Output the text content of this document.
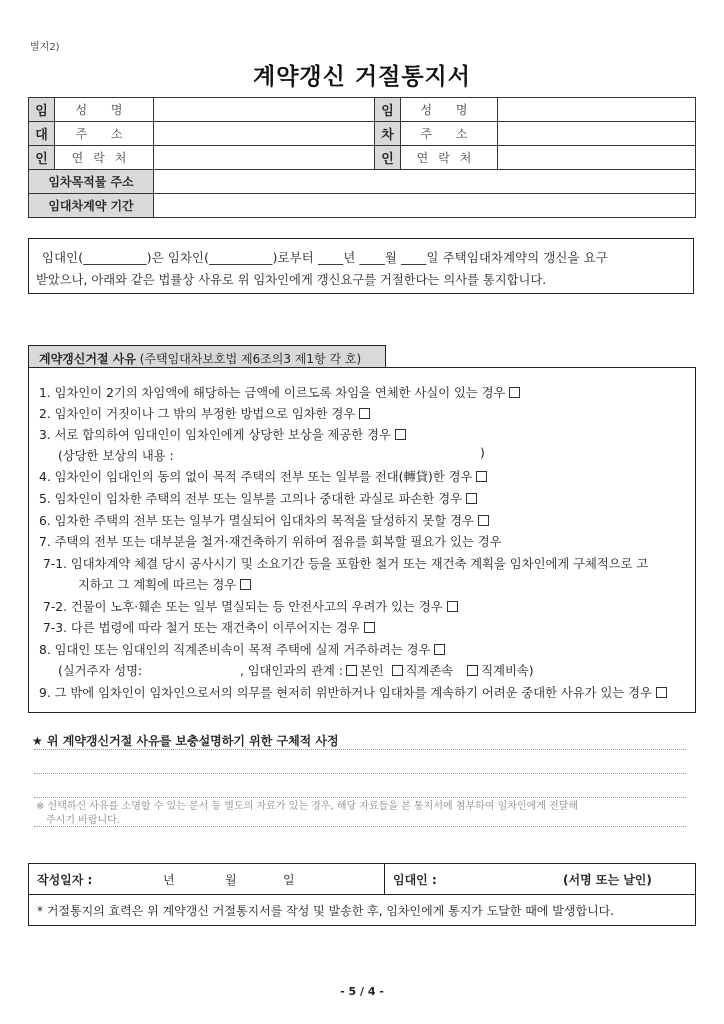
별지2)
계약갱신 거절통지서
임	성 명		임	성 명	
대	주 소		차	주 소	
인	연락처		인	연락처	
임차목적물 주소					
임대차계약 기간					
임대인(__________)은 임차인(__________)로부터 ____년 ____월 ____일 주택임대차계약의 갱신을 요구
받았으나, 아래와 같은 법률상 사유로 위 임차인에게 갱신요구를 거절한다는 의사를 통지합니다.
계약갱신거절 사유 (주택임대차보호법 제6조의3 제1항 각 호)
1. 임차인이 2기의 차임액에 해당하는 금액에 이르도록 차임을 연체한 사실이 있는 경우
2. 임차인이 거짓이나 그 밖의 부정한 방법으로 임차한 경우
3. 서로 합의하여 임대인이 임차인에게 상당한 보상을 제공한 경우
(상당한 보상의 내용 :	)
4. 임차인이 임대인의 동의 없이 목적 주택의 전부 또는 일부를 전대(轉貸)한 경우
5. 임차인이 임차한 주택의 전부 또는 일부를 고의나 중대한 과실로 파손한 경우
6. 임차한 주택의 전부 또는 일부가 멸실되어 임대차의 목적을 달성하지 못할 경우
7. 주택의 전부 또는 대부분을 철거·재건축하기 위하여 점유를 회복할 필요가 있는 경우
7-1. 임대차계약 체결 당시 공사시기 및 소요기간 등을 포함한 철거 또는 재건축 계획을 임차인에게 구체적으로 고
지하고 그 계획에 따르는 경우
7-2. 건물이 노후·훼손 또는 일부 멸실되는 등 안전사고의 우려가 있는 경우
7-3. 다른 법령에 따라 철거 또는 재건축이 이루어지는 경우
8. 임대인 또는 임대인의 직계존비속이 목적 주택에 실제 거주하려는 경우
(실거주자 성명:	, 임대인과의 관계 : 본인 직계존속 직계비속)
9. 그 밖에 임차인이 임차인으로서의 의무를 현저히 위반하거나 임대차를 계속하기 어려운 중대한 사유가 있는 경우
★ 위 계약갱신거절 사유를 보충설명하기 위한 구체적 사정
※ 선택하신 사유를 소명할 수 있는 문서 등 별도의 자료가 있는 경우, 해당 자료들을 본 통지서에 첨부하여 임차인에게 전달해
주시기 바랍니다.
작성일자 :	년	월	일	임대인 :	(서명 또는 날인)
* 거절통지의 효력은 위 계약갱신 거절통지서를 작성 및 발송한 후, 임차인에게 통지가 도달한 때에 발생합니다.
- 5 / 4 -
